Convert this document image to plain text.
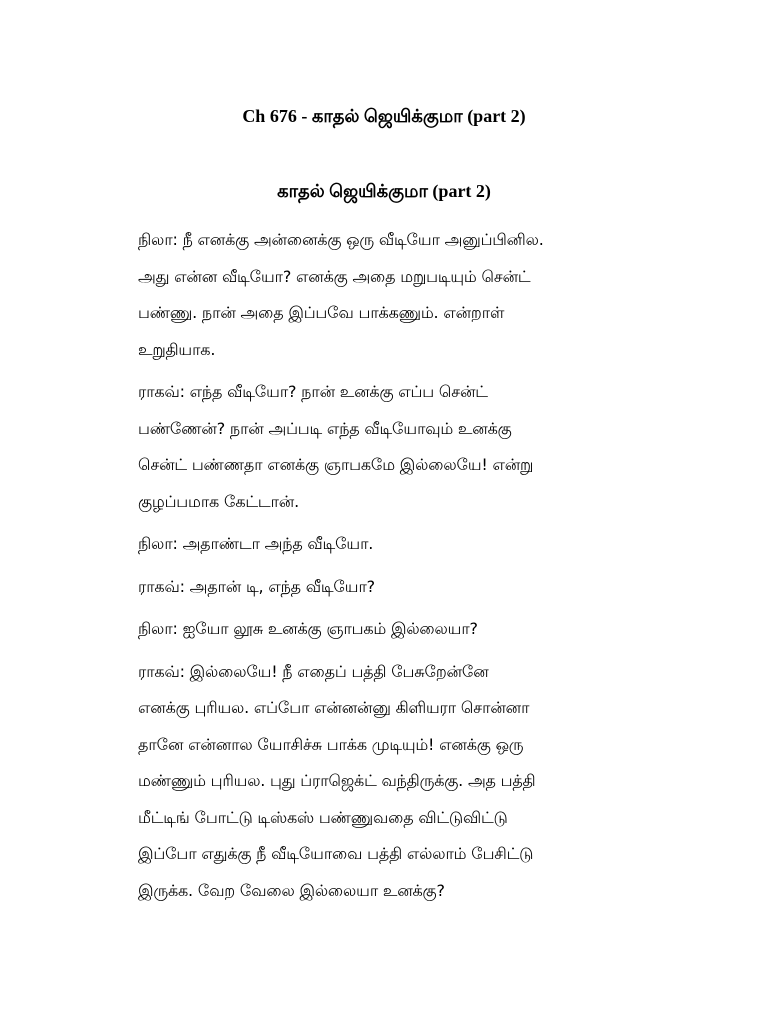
Ch 676 - காதல் ஜெயிக்குமா (part 2)
காதல் ஜெயிக்குமா (part 2)

நிலா: நீ எனக்கு அன்னைக்கு ஒரு வீடியோ அனுப்பினில.
அது என்ன வீடியோ? எனக்கு அதை மறுபடியும் சென்ட்
பண்ணு. நான் அதை இப்பவே பாக்கணும். என்றாள்
உறுதியாக.

ராகவ்: எந்த வீடியோ? நான் உனக்கு எப்ப சென்ட்
பண்ணேன்? நான் அப்படி எந்த வீடியோவும் உனக்கு
சென்ட் பண்ணதா எனக்கு ஞாபகமே இல்லையே! என்று
குழப்பமாக கேட்டான்.

நிலா: அதாண்டா அந்த வீடியோ.

ராகவ்: அதான் டி, எந்த வீடியோ?

நிலா: ஐயோ லூசு உனக்கு ஞாபகம் இல்லையா?

ராகவ்: இல்லையே! நீ எதைப் பத்தி பேசுறேன்னே
எனக்கு புரியல. எப்போ என்னன்னு கிளியரா சொன்னா
தானே என்னால யோசிச்சு பாக்க முடியும்! எனக்கு ஒரு
மண்ணும் புரியல. புது ப்ராஜெக்ட் வந்திருக்கு. அத பத்தி
மீட்டிங் போட்டு டிஸ்கஸ் பண்ணுவதை விட்டுவிட்டு
இப்போ எதுக்கு நீ வீடியோவை பத்தி எல்லாம் பேசிட்டு
இருக்க. வேற வேலை இல்லையா உனக்கு?
